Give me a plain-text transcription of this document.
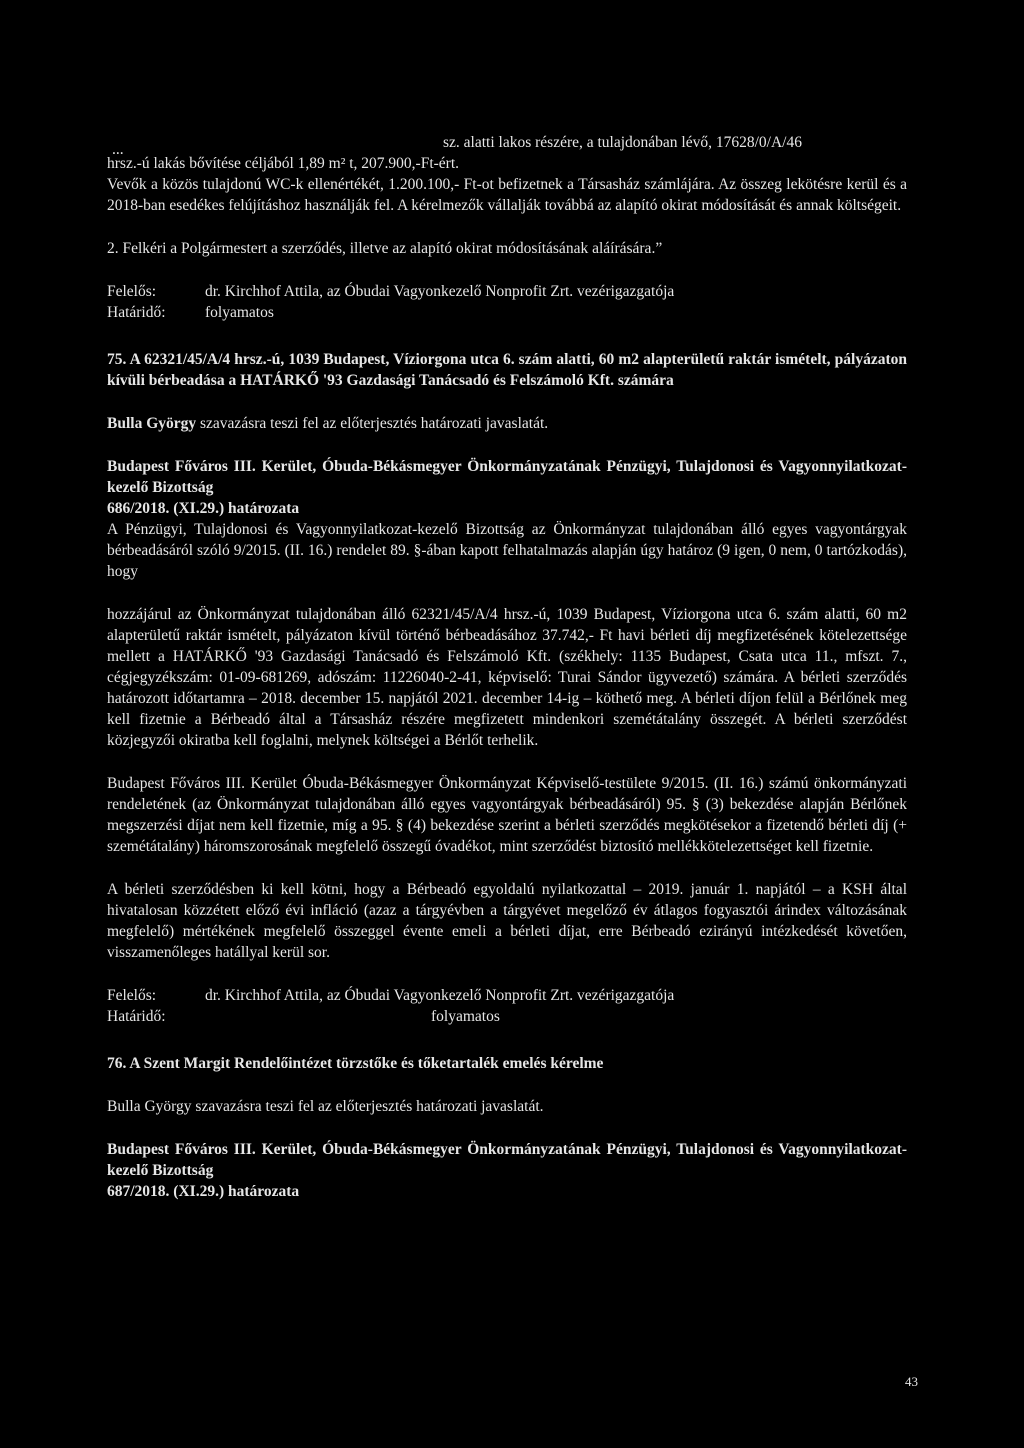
...	sz. alatti lakos részére, a tulajdonában lévő, 17628/0/A/46

hrsz.-ú lakás bővítése céljából 1,89 m² t, 207.900,-Ft-ért.

Vevők a közös tulajdonú WC-k ellenértékét, 1.200.100,- Ft-ot befizetnek a Társasház számlájára. Az összeg lekötésre kerül és a 2018-ban esedékes felújításhoz használják fel. A kérelmezők vállalják továbbá az alapító okirat módosítását és annak költségeit.

2. Felkéri a Polgármestert a szerződés, illetve az alapító okirat módosításának aláírására.”

Felelős:	dr. Kirchhof Attila, az Óbudai Vagyonkezelő Nonprofit Zrt. vezérigazgatója
Határidő:	folyamatos

75. A 62321/45/A/4 hrsz.-ú, 1039 Budapest, Víziorgona utca 6. szám alatti, 60 m2 alapterületű raktár ismételt, pályázaton kívüli bérbeadása a HATÁRKŐ '93 Gazdasági Tanácsadó és Felszámoló Kft. számára

Bulla György szavazásra teszi fel az előterjesztés határozati javaslatát.

Budapest Főváros III. Kerület, Óbuda-Békásmegyer Önkormányzatának Pénzügyi, Tulajdonosi és Vagyonnyilatkozat-kezelő Bizottság

686/2018. (XI.29.) határozata

A Pénzügyi, Tulajdonosi és Vagyonnyilatkozat-kezelő Bizottság az Önkormányzat tulajdonában álló egyes vagyontárgyak bérbeadásáról szóló 9/2015. (II. 16.) rendelet 89. §-ában kapott felhatalmazás alapján úgy határoz (9 igen, 0 nem, 0 tartózkodás), hogy

hozzájárul az Önkormányzat tulajdonában álló 62321/45/A/4 hrsz.-ú, 1039 Budapest, Víziorgona utca 6. szám alatti, 60 m2 alapterületű raktár ismételt, pályázaton kívül történő bérbeadásához 37.742,- Ft havi bérleti díj megfizetésének kötelezettsége mellett a HATÁRKŐ '93 Gazdasági Tanácsadó és Felszámoló Kft. (székhely: 1135 Budapest, Csata utca 11., mfszt. 7., cégjegyzékszám: 01-09-681269, adószám: 11226040-2-41, képviselő: Turai Sándor ügyvezető) számára. A bérleti szerződés határozott időtartamra – 2018. december 15. napjától 2021. december 14-ig – köthető meg. A bérleti díjon felül a Bérlőnek meg kell fizetnie a Bérbeadó által a Társasház részére megfizetett mindenkori szemétátalány összegét. A bérleti szerződést közjegyzői okiratba kell foglalni, melynek költségei a Bérlőt terhelik.

Budapest Főváros III. Kerület Óbuda-Békásmegyer Önkormányzat Képviselő-testülete 9/2015. (II. 16.) számú önkormányzati rendeletének (az Önkormányzat tulajdonában álló egyes vagyontárgyak bérbeadásáról) 95. § (3) bekezdése alapján Bérlőnek megszerzési díjat nem kell fizetnie, míg a 95. § (4) bekezdése szerint a bérleti szerződés megkötésekor a fizetendő bérleti díj (+ szemétátalány) háromszorosának megfelelő összegű óvadékot, mint szerződést biztosító mellékkötelezettséget kell fizetnie.

A bérleti szerződésben ki kell kötni, hogy a Bérbeadó egyoldalú nyilatkozattal – 2019. január 1. napjától – a KSH által hivatalosan közzétett előző évi infláció (azaz a tárgyévben a tárgyévet megelőző év átlagos fogyasztói árindex változásának megfelelő) mértékének megfelelő összeggel évente emeli a bérleti díjat, erre Bérbeadó ezirányú intézkedését követően, visszamenőleges hatállyal kerül sor.

Felelős:	dr. Kirchhof Attila, az Óbudai Vagyonkezelő Nonprofit Zrt. vezérigazgatója
Határidő:	folyamatos

76. A Szent Margit Rendelőintézet törzstőke és tőketartalék emelés kérelme

Bulla György szavazásra teszi fel az előterjesztés határozati javaslatát.

Budapest Főváros III. Kerület, Óbuda-Békásmegyer Önkormányzatának Pénzügyi, Tulajdonosi és Vagyonnyilatkozat-kezelő Bizottság

687/2018. (XI.29.) határozata

43
